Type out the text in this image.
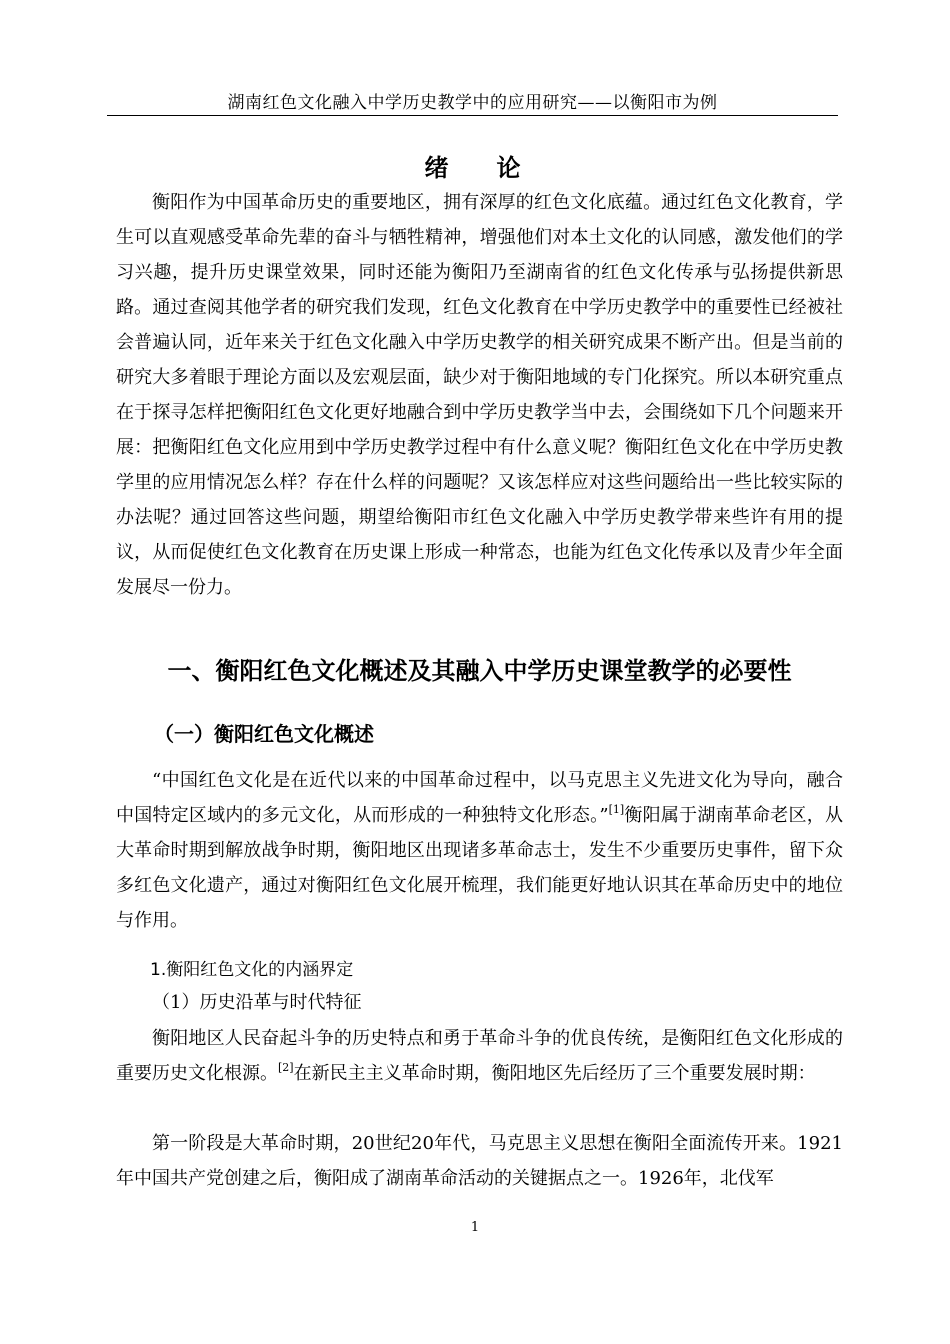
湖南红色文化融入中学历史教学中的应用研究——以衡阳市为例
绪 论

衡阳作为中国革命历史的重要地区，拥有深厚的红色文化底蕴。通过红色文化教育，学生可以直观感受革命先辈的奋斗与牺牲精神，增强他们对本土文化的认同感，激发他们的学习兴趣，提升历史课堂效果，同时还能为衡阳乃至湖南省的红色文化传承与弘扬提供新思路。通过查阅其他学者的研究我们发现，红色文化教育在中学历史教学中的重要性已经被社会普遍认同，近年来关于红色文化融入中学历史教学的相关研究成果不断产出。但是当前的研究大多着眼于理论方面以及宏观层面，缺少对于衡阳地域的专门化探究。所以本研究重点在于探寻怎样把衡阳红色文化更好地融合到中学历史教学当中去，会围绕如下几个问题来开展：把衡阳红色文化应用到中学历史教学过程中有什么意义呢？衡阳红色文化在中学历史教学里的应用情况怎么样？存在什么样的问题呢？又该怎样应对这些问题给出一些比较实际的办法呢？通过回答这些问题，期望给衡阳市红色文化融入中学历史教学带来些许有用的提议，从而促使红色文化教育在历史课上形成一种常态，也能为红色文化传承以及青少年全面发展尽一份力。

一、衡阳红色文化概述及其融入中学历史课堂教学的必要性
（一）衡阳红色文化概述

“中国红色文化是在近代以来的中国革命过程中，以马克思主义先进文化为导向，融合中国特定区域内的多元文化，从而形成的一种独特文化形态。”[1]衡阳属于湖南革命老区，从大革命时期到解放战争时期，衡阳地区出现诸多革命志士，发生不少重要历史事件，留下众多红色文化遗产，通过对衡阳红色文化展开梳理，我们能更好地认识其在革命历史中的地位与作用。

1.衡阳红色文化的内涵界定
（1）历史沿革与时代特征

衡阳地区人民奋起斗争的历史特点和勇于革命斗争的优良传统，是衡阳红色文化形成的重要历史文化根源。[2]在新民主主义革命时期，衡阳地区先后经历了三个重要发展时期：

第一阶段是大革命时期，20世纪20年代，马克思主义思想在衡阳全面流传开来。1921年中国共产党创建之后，衡阳成了湖南革命活动的关键据点之一。1926年，北伐军

1
